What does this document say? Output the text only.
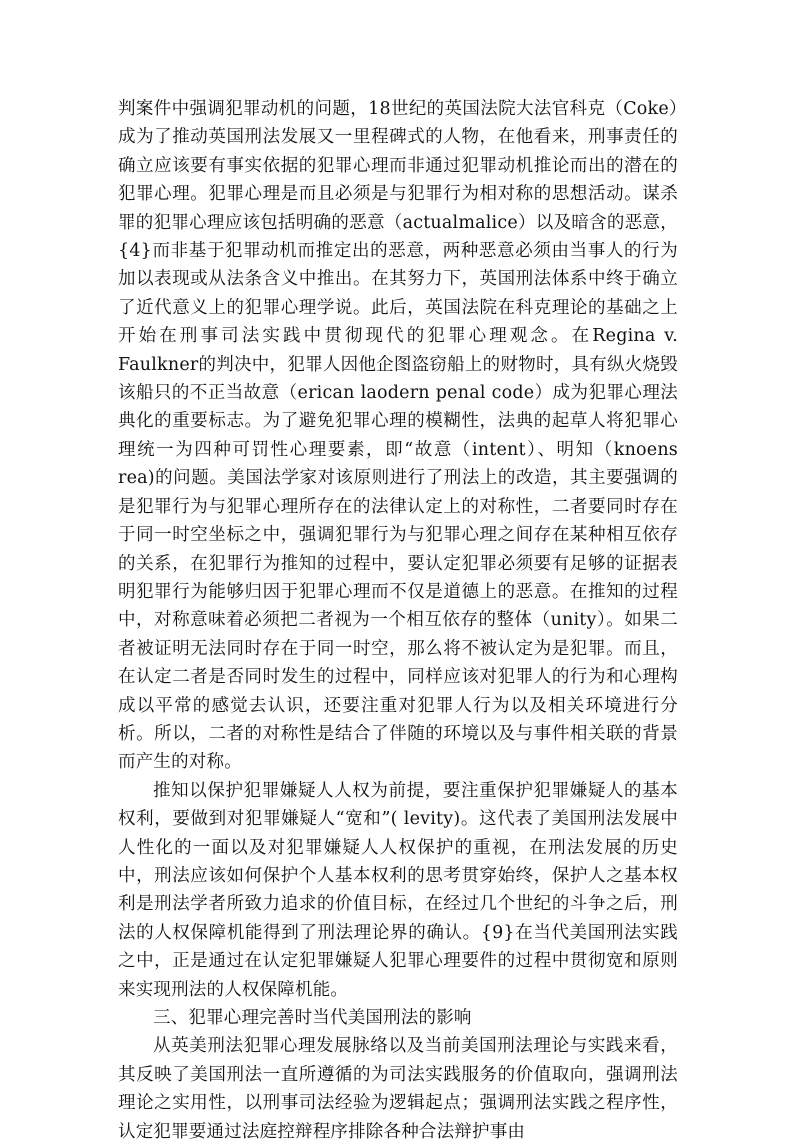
判案件中强调犯罪动机的问题，18世纪的英国法院大法官科克（Coke）成为了推动英国刑法发展又一里程碑式的人物，在他看来，刑事责任的确立应该要有事实依据的犯罪心理而非通过犯罪动机推论而出的潜在的犯罪心理。犯罪心理是而且必须是与犯罪行为相对称的思想活动。谋杀罪的犯罪心理应该包括明确的恶意（actualmalice）以及暗含的恶意，{4}而非基于犯罪动机而推定出的恶意，两种恶意必须由当事人的行为加以表现或从法条含义中推出。在其努力下，英国刑法体系中终于确立了近代意义上的犯罪心理学说。此后，英国法院在科克理论的基础之上开始在刑事司法实践中贯彻现代的犯罪心理观念。在Regina v. Faulkner的判决中，犯罪人因他企图盗窃船上的财物时，具有纵火烧毁该船只的不正当故意（erican laodern penal code）成为犯罪心理法典化的重要标志。为了避免犯罪心理的模糊性，法典的起草人将犯罪心理统一为四种可罚性心理要素，即“故意（intent）、明知（knoens rea)的问题。美国法学家对该原则进行了刑法上的改造，其主要强调的是犯罪行为与犯罪心理所存在的法律认定上的对称性，二者要同时存在于同一时空坐标之中，强调犯罪行为与犯罪心理之间存在某种相互依存的关系，在犯罪行为推知的过程中，要认定犯罪必须要有足够的证据表明犯罪行为能够归因于犯罪心理而不仅是道德上的恶意。在推知的过程中，对称意味着必须把二者视为一个相互依存的整体（unity）。如果二者被证明无法同时存在于同一时空，那么将不被认定为是犯罪。而且，在认定二者是否同时发生的过程中，同样应该对犯罪人的行为和心理构成以平常的感觉去认识，还要注重对犯罪人行为以及相关环境进行分析。所以，二者的对称性是结合了伴随的环境以及与事件相关联的背景而产生的对称。

推知以保护犯罪嫌疑人人权为前提，要注重保护犯罪嫌疑人的基本权利，要做到对犯罪嫌疑人“宽和”( levity)。这代表了美国刑法发展中人性化的一面以及对犯罪嫌疑人人权保护的重视，在刑法发展的历史中，刑法应该如何保护个人基本权利的思考贯穿始终，保护人之基本权利是刑法学者所致力追求的价值目标，在经过几个世纪的斗争之后，刑法的人权保障机能得到了刑法理论界的确认。{9}在当代美国刑法实践之中，正是通过在认定犯罪嫌疑人犯罪心理要件的过程中贯彻宽和原则来实现刑法的人权保障机能。

三、犯罪心理完善时当代美国刑法的影响

从英美刑法犯罪心理发展脉络以及当前美国刑法理论与实践来看，其反映了美国刑法一直所遵循的为司法实践服务的价值取向，强调刑法理论之实用性，以刑事司法经验为逻辑起点；强调刑法实践之程序性，认定犯罪要通过法庭控辩程序排除各种合法辩护事由
